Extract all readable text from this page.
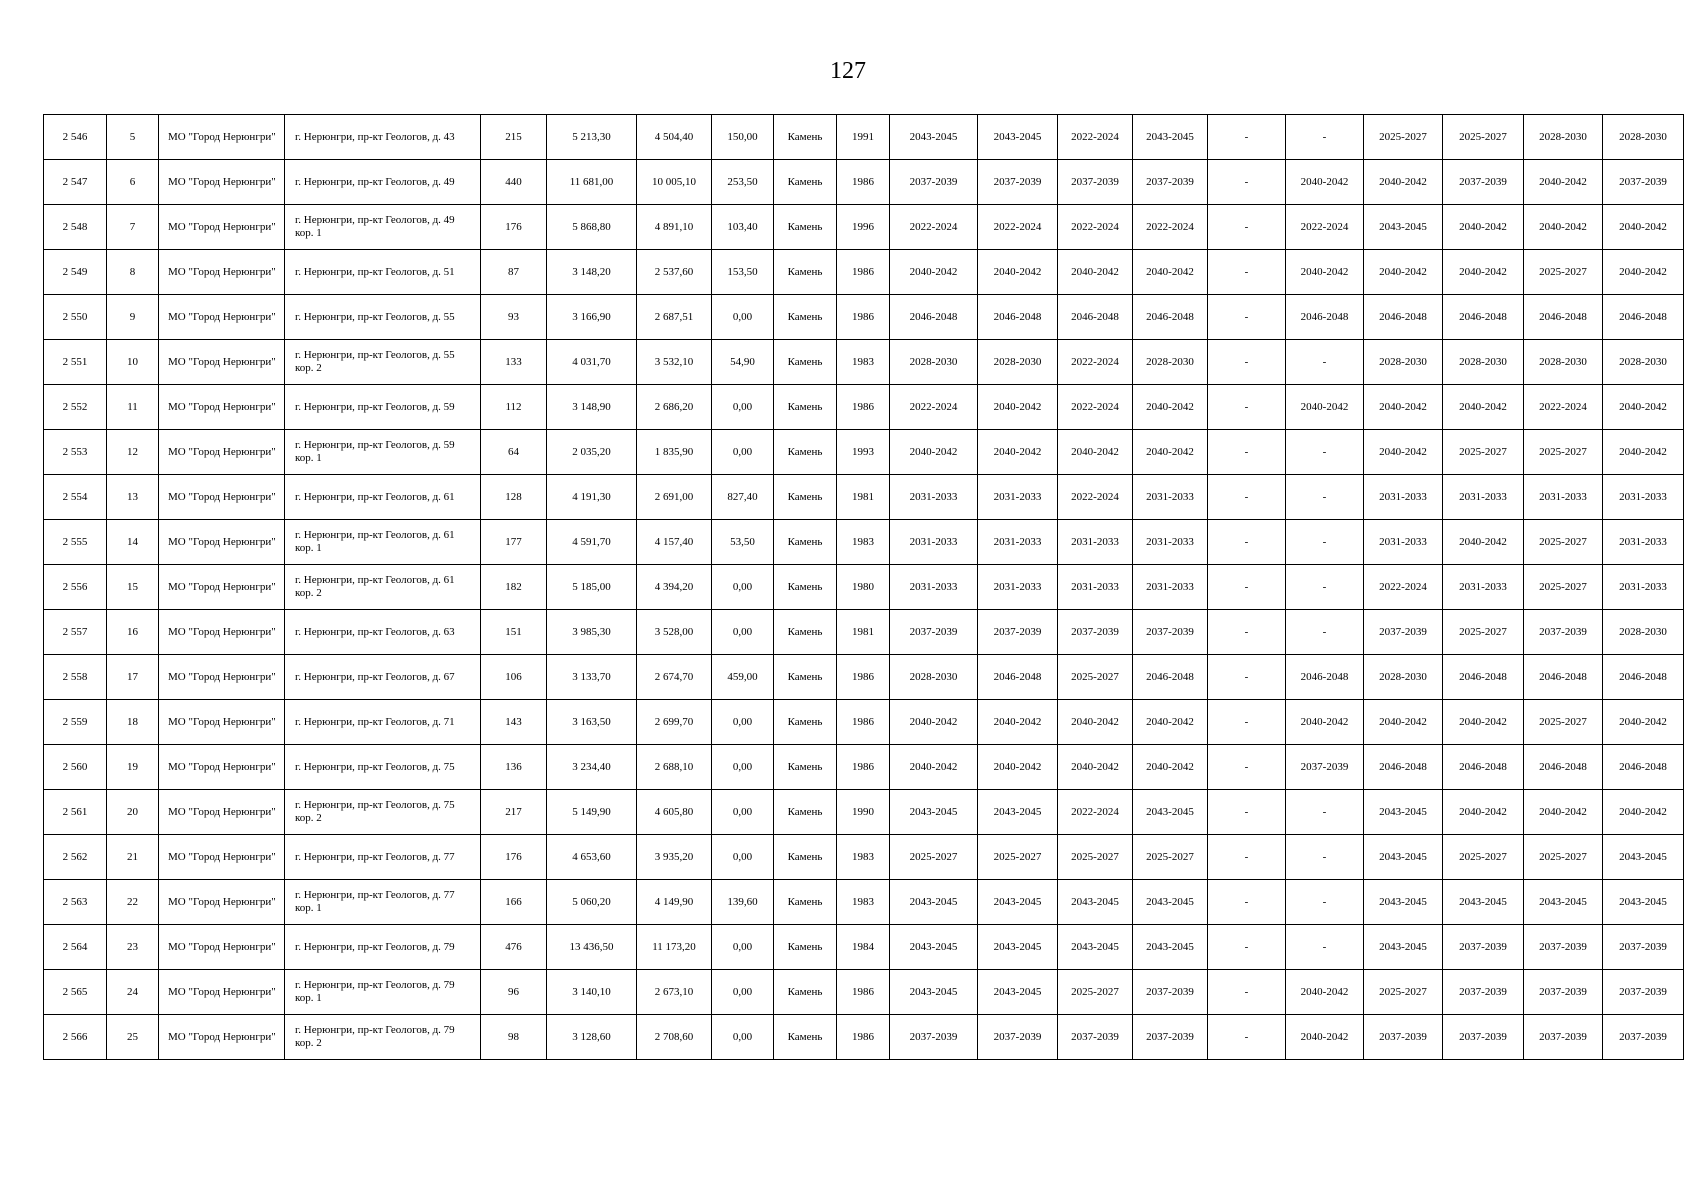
127
2 546	5	МО "Город Нерюнгри"	г. Нерюнгри, пр-кт Геологов, д. 43	215	5 213,30	4 504,40	150,00	Камень	1991	2043-2045	2043-2045	2022-2024	2043-2045	-	-	2025-2027	2025-2027	2028-2030	2028-2030
2 547	6	МО "Город Нерюнгри"	г. Нерюнгри, пр-кт Геологов, д. 49	440	11 681,00	10 005,10	253,50	Камень	1986	2037-2039	2037-2039	2037-2039	2037-2039	-	2040-2042	2040-2042	2037-2039	2040-2042	2037-2039
2 548	7	МО "Город Нерюнгри"	г. Нерюнгри, пр-кт Геологов, д. 49 кор. 1	176	5 868,80	4 891,10	103,40	Камень	1996	2022-2024	2022-2024	2022-2024	2022-2024	-	2022-2024	2043-2045	2040-2042	2040-2042	2040-2042
2 549	8	МО "Город Нерюнгри"	г. Нерюнгри, пр-кт Геологов, д. 51	87	3 148,20	2 537,60	153,50	Камень	1986	2040-2042	2040-2042	2040-2042	2040-2042	-	2040-2042	2040-2042	2040-2042	2025-2027	2040-2042
2 550	9	МО "Город Нерюнгри"	г. Нерюнгри, пр-кт Геологов, д. 55	93	3 166,90	2 687,51	0,00	Камень	1986	2046-2048	2046-2048	2046-2048	2046-2048	-	2046-2048	2046-2048	2046-2048	2046-2048	2046-2048
2 551	10	МО "Город Нерюнгри"	г. Нерюнгри, пр-кт Геологов, д. 55 кор. 2	133	4 031,70	3 532,10	54,90	Камень	1983	2028-2030	2028-2030	2022-2024	2028-2030	-	-	2028-2030	2028-2030	2028-2030	2028-2030
2 552	11	МО "Город Нерюнгри"	г. Нерюнгри, пр-кт Геологов, д. 59	112	3 148,90	2 686,20	0,00	Камень	1986	2022-2024	2040-2042	2022-2024	2040-2042	-	2040-2042	2040-2042	2040-2042	2022-2024	2040-2042
2 553	12	МО "Город Нерюнгри"	г. Нерюнгри, пр-кт Геологов, д. 59 кор. 1	64	2 035,20	1 835,90	0,00	Камень	1993	2040-2042	2040-2042	2040-2042	2040-2042	-	-	2040-2042	2025-2027	2025-2027	2040-2042
2 554	13	МО "Город Нерюнгри"	г. Нерюнгри, пр-кт Геологов, д. 61	128	4 191,30	2 691,00	827,40	Камень	1981	2031-2033	2031-2033	2022-2024	2031-2033	-	-	2031-2033	2031-2033	2031-2033	2031-2033
2 555	14	МО "Город Нерюнгри"	г. Нерюнгри, пр-кт Геологов, д. 61 кор. 1	177	4 591,70	4 157,40	53,50	Камень	1983	2031-2033	2031-2033	2031-2033	2031-2033	-	-	2031-2033	2040-2042	2025-2027	2031-2033
2 556	15	МО "Город Нерюнгри"	г. Нерюнгри, пр-кт Геологов, д. 61 кор. 2	182	5 185,00	4 394,20	0,00	Камень	1980	2031-2033	2031-2033	2031-2033	2031-2033	-	-	2022-2024	2031-2033	2025-2027	2031-2033
2 557	16	МО "Город Нерюнгри"	г. Нерюнгри, пр-кт Геологов, д. 63	151	3 985,30	3 528,00	0,00	Камень	1981	2037-2039	2037-2039	2037-2039	2037-2039	-	-	2037-2039	2025-2027	2037-2039	2028-2030
2 558	17	МО "Город Нерюнгри"	г. Нерюнгри, пр-кт Геологов, д. 67	106	3 133,70	2 674,70	459,00	Камень	1986	2028-2030	2046-2048	2025-2027	2046-2048	-	2046-2048	2028-2030	2046-2048	2046-2048	2046-2048
2 559	18	МО "Город Нерюнгри"	г. Нерюнгри, пр-кт Геологов, д. 71	143	3 163,50	2 699,70	0,00	Камень	1986	2040-2042	2040-2042	2040-2042	2040-2042	-	2040-2042	2040-2042	2040-2042	2025-2027	2040-2042
2 560	19	МО "Город Нерюнгри"	г. Нерюнгри, пр-кт Геологов, д. 75	136	3 234,40	2 688,10	0,00	Камень	1986	2040-2042	2040-2042	2040-2042	2040-2042	-	2037-2039	2046-2048	2046-2048	2046-2048	2046-2048
2 561	20	МО "Город Нерюнгри"	г. Нерюнгри, пр-кт Геологов, д. 75 кор. 2	217	5 149,90	4 605,80	0,00	Камень	1990	2043-2045	2043-2045	2022-2024	2043-2045	-	-	2043-2045	2040-2042	2040-2042	2040-2042
2 562	21	МО "Город Нерюнгри"	г. Нерюнгри, пр-кт Геологов, д. 77	176	4 653,60	3 935,20	0,00	Камень	1983	2025-2027	2025-2027	2025-2027	2025-2027	-	-	2043-2045	2025-2027	2025-2027	2043-2045
2 563	22	МО "Город Нерюнгри"	г. Нерюнгри, пр-кт Геологов, д. 77 кор. 1	166	5 060,20	4 149,90	139,60	Камень	1983	2043-2045	2043-2045	2043-2045	2043-2045	-	-	2043-2045	2043-2045	2043-2045	2043-2045
2 564	23	МО "Город Нерюнгри"	г. Нерюнгри, пр-кт Геологов, д. 79	476	13 436,50	11 173,20	0,00	Камень	1984	2043-2045	2043-2045	2043-2045	2043-2045	-	-	2043-2045	2037-2039	2037-2039	2037-2039
2 565	24	МО "Город Нерюнгри"	г. Нерюнгри, пр-кт Геологов, д. 79 кор. 1	96	3 140,10	2 673,10	0,00	Камень	1986	2043-2045	2043-2045	2025-2027	2037-2039	-	2040-2042	2025-2027	2037-2039	2037-2039	2037-2039
2 566	25	МО "Город Нерюнгри"	г. Нерюнгри, пр-кт Геологов, д. 79 кор. 2	98	3 128,60	2 708,60	0,00	Камень	1986	2037-2039	2037-2039	2037-2039	2037-2039	-	2040-2042	2037-2039	2037-2039	2037-2039	2037-2039
